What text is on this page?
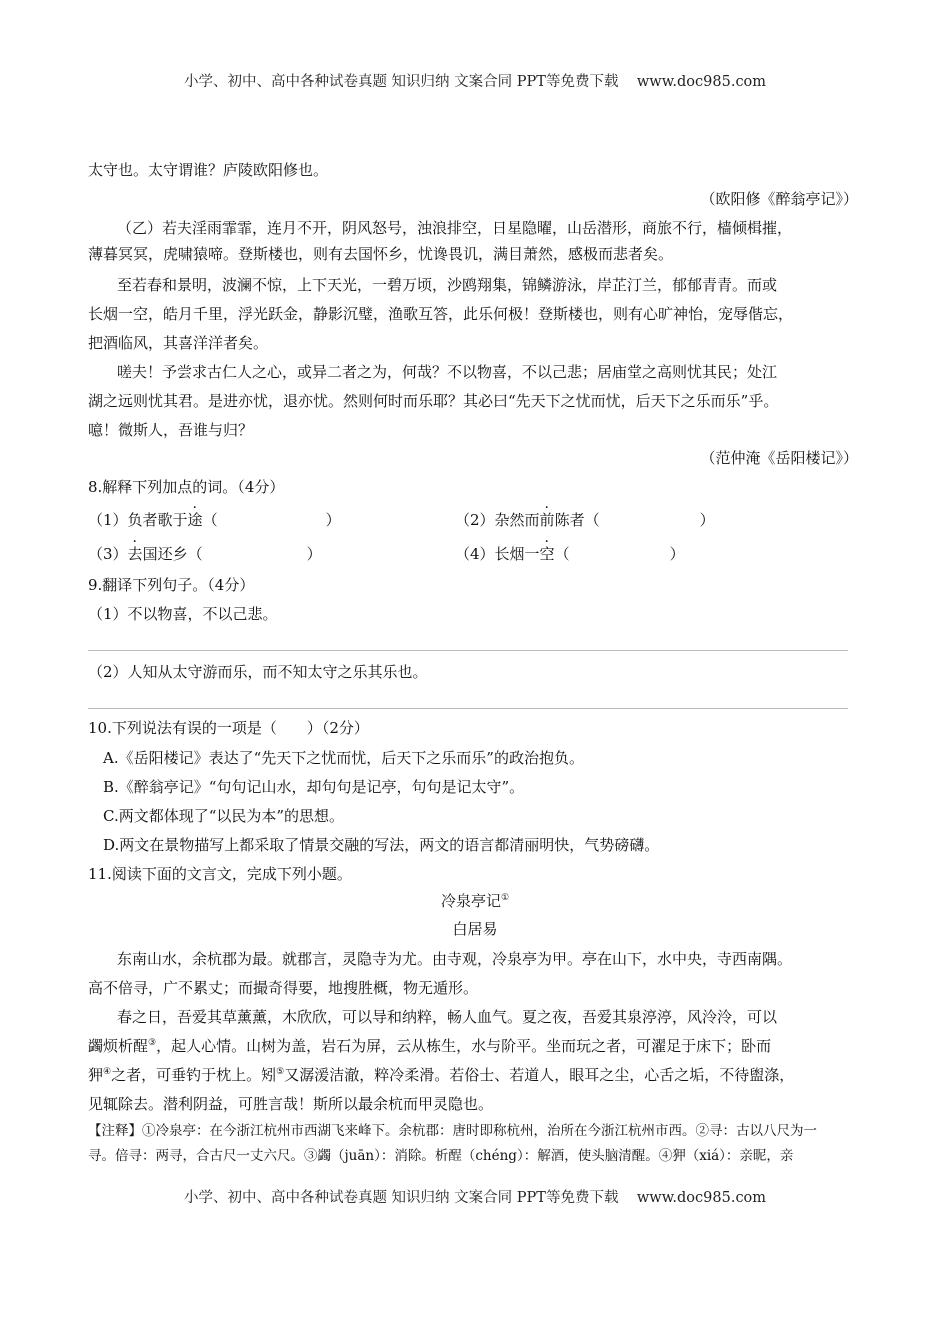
小学、初中、高中各种试卷真题 知识归纳 文案合同 PPT等免费下载    www.doc985.com
太守也。太守谓谁？庐陵欧阳修也。
（欧阳修《醉翁亭记》）
（乙）若夫淫雨霏霏，连月不开，阴风怒号，浊浪排空，日星隐曜，山岳潜形，商旅不行，樯倾楫摧，
薄暮冥冥，虎啸猿啼。登斯楼也，则有去国怀乡，忧谗畏讥，满目萧然，感极而悲者矣。
至若春和景明，波澜不惊，上下天光，一碧万顷，沙鸥翔集，锦鳞游泳，岸芷汀兰，郁郁青青。而或
长烟一空，皓月千里，浮光跃金，静影沉璧，渔歌互答，此乐何极！登斯楼也，则有心旷神怡，宠辱偕忘，
把酒临风，其喜洋洋者矣。
嗟夫！予尝求古仁人之心，或异二者之为，何哉？不以物喜，不以己悲；居庙堂之高则忧其民；处江
湖之远则忧其君。是进亦忧，退亦忧。然则何时而乐耶？其必曰“先天下之忧而忧，后天下之乐而乐”乎。
噫！微斯人，吾谁与归？
（范仲淹《岳阳楼记》）
8.解释下列加点的词。（4分）
（1）负者歌于途（	）	（2）杂然而前陈者（	）
（3）去国还乡（	）	（4）长烟一空（	）
9.翻译下列句子。（4分）
（1）不以物喜，不以己悲。
（2）人知从太守游而乐，而不知太守之乐其乐也。
10.下列说法有误的一项是（　　）（2分）
A.《岳阳楼记》表达了“先天下之忧而忧，后天下之乐而乐”的政治抱负。
B.《醉翁亭记》“句句记山水，却句句是记亭，句句是记太守”。
C.两文都体现了“以民为本”的思想。
D.两文在景物描写上都采取了情景交融的写法，两文的语言都清丽明快，气势磅礴。
11.阅读下面的文言文，完成下列小题。
冷泉亭记①
白居易
东南山水，余杭郡为最。就郡言，灵隐寺为尤。由寺观，冷泉亭为甲。亭在山下，水中央，寺西南隅。
高不倍寻，广不累丈；而撮奇得要，地搜胜概，物无遁形。
春之日，吾爱其草薰薰，木欣欣，可以导和纳粹，畅人血气。夏之夜，吾爱其泉渟渟，风泠泠，可以
蠲烦析酲③，起人心情。山树为盖，岩石为屏，云从栋生，水与阶平。坐而玩之者，可濯足于床下；卧而
狎④之者，可垂钓于枕上。矧⑤又潺湲洁澈，粹冷柔滑。若俗士、若道人，眼耳之尘，心舌之垢，不待盥涤，
见辄除去。潜利阴益，可胜言哉！斯所以最余杭而甲灵隐也。
【注释】①冷泉亭：在今浙江杭州市西湖飞来峰下。余杭郡：唐时即称杭州，治所在今浙江杭州市西。②寻：古以八尺为一
寻。倍寻：两寻，合古尺一丈六尺。③蠲（juān）：消除。析酲（chéng）：解酒，使头脑清醒。④狎（xiá）：亲昵，亲
小学、初中、高中各种试卷真题 知识归纳 文案合同 PPT等免费下载    www.doc985.com
